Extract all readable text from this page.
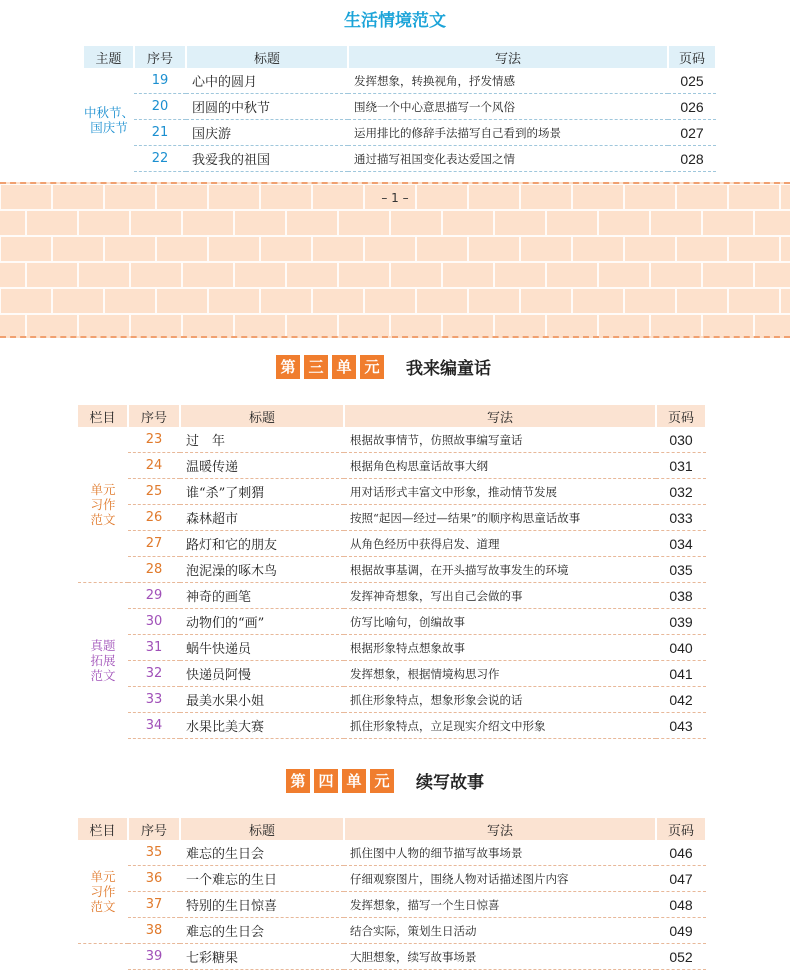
生活情境范文
主题	序号	标题	写法	页码
中秋节、国庆节	19	心中的圆月	发挥想象，转换视角，抒发情感	025
	20	团圆的中秋节	围绕一个中心意思描写一个风俗	026
	21	国庆游	运用排比的修辞手法描写自己看到的场景	027
	22	我爱我的祖国	通过描写祖国变化表达爱国之情	028
– 1 –
第 三 单 元 我来编童话
栏目	序号	标题	写法	页码
单元习作范文	23	过　年	根据故事情节，仿照故事编写童话	030
	24	温暖传递	根据角色构思童话故事大纲	031
	25	谁“杀”了刺猬	用对话形式丰富文中形象，推动情节发展	032
	26	森林超市	按照“起因—经过—结果”的顺序构思童话故事	033
	27	路灯和它的朋友	从角色经历中获得启发、道理	034
	28	泡泥澡的啄木鸟	根据故事基调，在开头描写故事发生的环境	035
真题拓展范文	29	神奇的画笔	发挥神奇想象，写出自己会做的事	038
	30	动物们的“画”	仿写比喻句，创编故事	039
	31	蜗牛快递员	根据形象特点想象故事	040
	32	快递员阿慢	发挥想象，根据情境构思习作	041
	33	最美水果小姐	抓住形象特点，想象形象会说的话	042
	34	水果比美大赛	抓住形象特点，立足现实介绍文中形象	043
第 四 单 元 续写故事
栏目	序号	标题	写法	页码
单元习作范文	35	难忘的生日会	抓住图中人物的细节描写故事场景	046
	36	一个难忘的生日	仔细观察图片，围绕人物对话描述图片内容	047
	37	特别的生日惊喜	发挥想象，描写一个生日惊喜	048
	38	难忘的生日会	结合实际，策划生日活动	049
	39	七彩糖果	大胆想象，续写故事场景	052
